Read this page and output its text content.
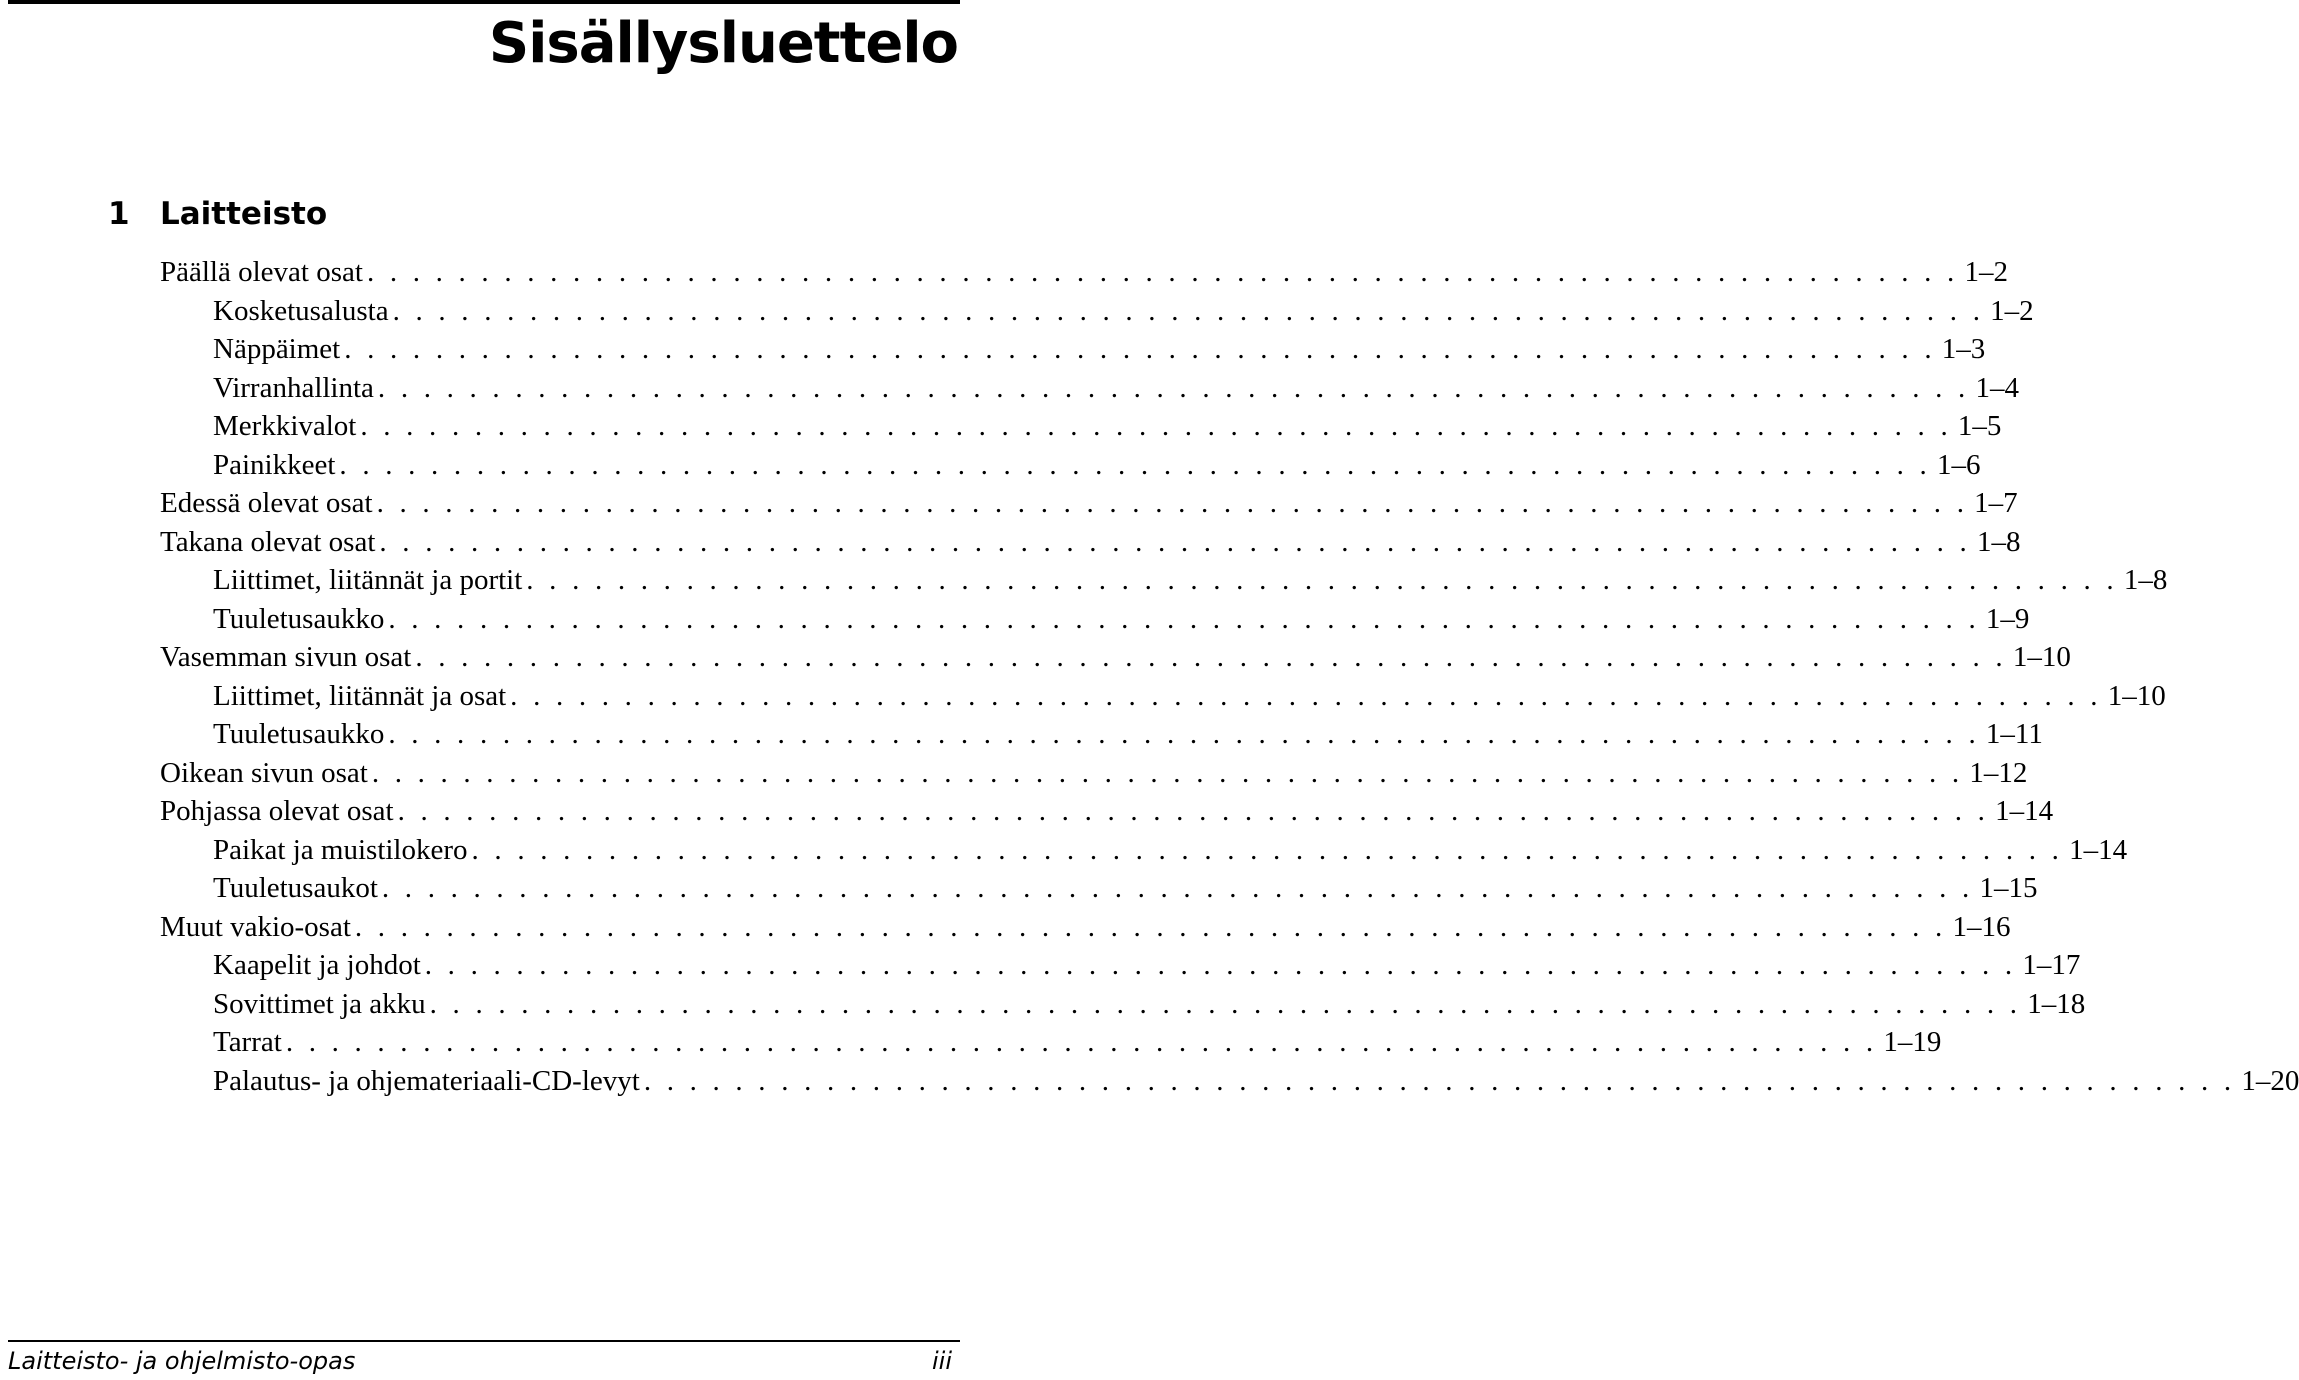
Sisällysluettelo
1 Laitteisto
Päällä olevat osat . . . . . . . . . . . . . . . . . . . . . . . . . . . . . . . . . . . . . . . . . . . . . . . . . . . . . . . . . . . . . . . . . . . . . . 1–2
Kosketusalusta . . . . . . . . . . . . . . . . . . . . . . . . . . . . . . . . . . . . . . . . . . . . . . . . . . . . . . . . . . . . . . . . . . . . . . 1–2
Näppäimet . . . . . . . . . . . . . . . . . . . . . . . . . . . . . . . . . . . . . . . . . . . . . . . . . . . . . . . . . . . . . . . . . . . . . . 1–3
Virranhallinta . . . . . . . . . . . . . . . . . . . . . . . . . . . . . . . . . . . . . . . . . . . . . . . . . . . . . . . . . . . . . . . . . . . . . . 1–4
Merkkivalot . . . . . . . . . . . . . . . . . . . . . . . . . . . . . . . . . . . . . . . . . . . . . . . . . . . . . . . . . . . . . . . . . . . . . . 1–5
Painikkeet . . . . . . . . . . . . . . . . . . . . . . . . . . . . . . . . . . . . . . . . . . . . . . . . . . . . . . . . . . . . . . . . . . . . . . 1–6
Edessä olevat osat . . . . . . . . . . . . . . . . . . . . . . . . . . . . . . . . . . . . . . . . . . . . . . . . . . . . . . . . . . . . . . . . . . . . . . 1–7
Takana olevat osat . . . . . . . . . . . . . . . . . . . . . . . . . . . . . . . . . . . . . . . . . . . . . . . . . . . . . . . . . . . . . . . . . . . . . . 1–8
Liittimet, liitännät ja portit . . . . . . . . . . . . . . . . . . . . . . . . . . . . . . . . . . . . . . . . . . . . . . . . . . . . . . . . . . . . . . . . . . . . . . 1–8
Tuuletusaukko . . . . . . . . . . . . . . . . . . . . . . . . . . . . . . . . . . . . . . . . . . . . . . . . . . . . . . . . . . . . . . . . . . . . . . 1–9
Vasemman sivun osat . . . . . . . . . . . . . . . . . . . . . . . . . . . . . . . . . . . . . . . . . . . . . . . . . . . . . . . . . . . . . . . . . . . . . . 1–10
Liittimet, liitännät ja osat . . . . . . . . . . . . . . . . . . . . . . . . . . . . . . . . . . . . . . . . . . . . . . . . . . . . . . . . . . . . . . . . . . . . . . 1–10
Tuuletusaukko . . . . . . . . . . . . . . . . . . . . . . . . . . . . . . . . . . . . . . . . . . . . . . . . . . . . . . . . . . . . . . . . . . . . . . 1–11
Oikean sivun osat . . . . . . . . . . . . . . . . . . . . . . . . . . . . . . . . . . . . . . . . . . . . . . . . . . . . . . . . . . . . . . . . . . . . . . 1–12
Pohjassa olevat osat . . . . . . . . . . . . . . . . . . . . . . . . . . . . . . . . . . . . . . . . . . . . . . . . . . . . . . . . . . . . . . . . . . . . . . 1–14
Paikat ja muistilokero . . . . . . . . . . . . . . . . . . . . . . . . . . . . . . . . . . . . . . . . . . . . . . . . . . . . . . . . . . . . . . . . . . . . . . 1–14
Tuuletusaukot . . . . . . . . . . . . . . . . . . . . . . . . . . . . . . . . . . . . . . . . . . . . . . . . . . . . . . . . . . . . . . . . . . . . . . 1–15
Muut vakio-osat . . . . . . . . . . . . . . . . . . . . . . . . . . . . . . . . . . . . . . . . . . . . . . . . . . . . . . . . . . . . . . . . . . . . . . 1–16
Kaapelit ja johdot . . . . . . . . . . . . . . . . . . . . . . . . . . . . . . . . . . . . . . . . . . . . . . . . . . . . . . . . . . . . . . . . . . . . . . 1–17
Sovittimet ja akku . . . . . . . . . . . . . . . . . . . . . . . . . . . . . . . . . . . . . . . . . . . . . . . . . . . . . . . . . . . . . . . . . . . . . . 1–18
Tarrat . . . . . . . . . . . . . . . . . . . . . . . . . . . . . . . . . . . . . . . . . . . . . . . . . . . . . . . . . . . . . . . . . . . . . . 1–19
Palautus- ja ohjemateriaali-CD-levyt . . . . . . . . . . . . . . . . . . . . . . . . . . . . . . . . . . . . . . . . . . . . . . . . . . . . . . . . . . . . . . . . . . . . . . 1–20
Laitteisto- ja ohjelmisto-opas	iii
